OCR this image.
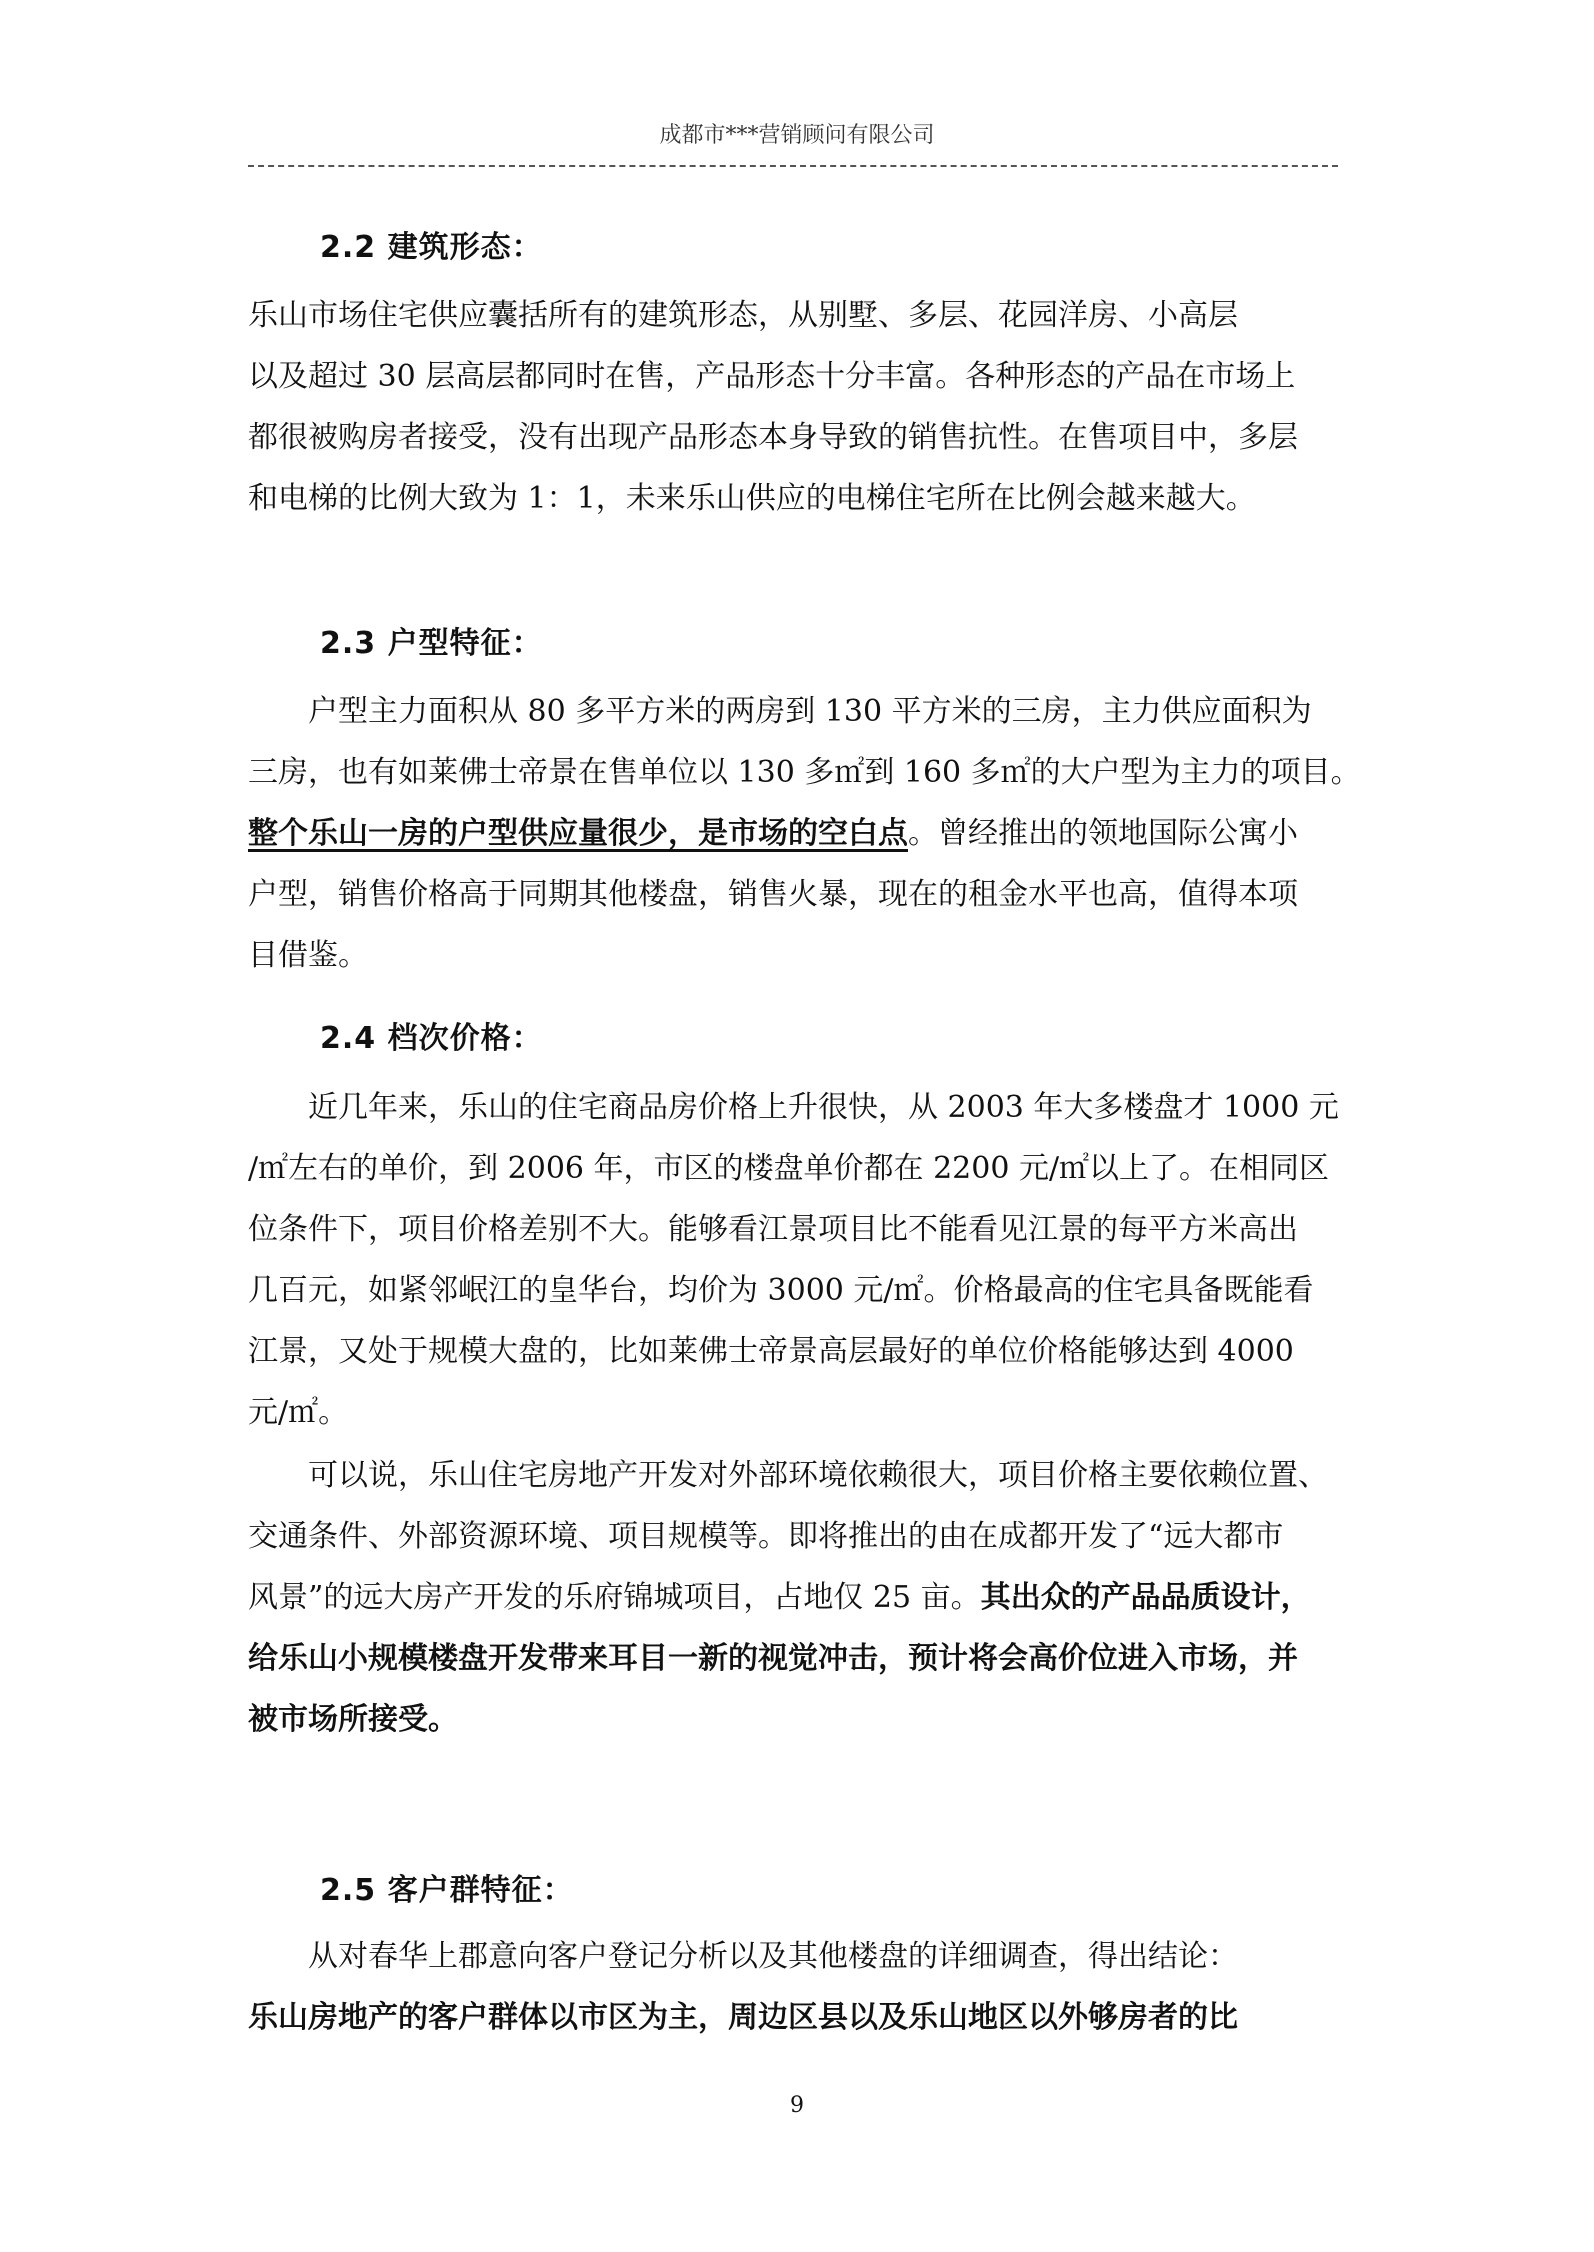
成都市***营销顾问有限公司
2.2 建筑形态：
乐山市场住宅供应囊括所有的建筑形态，从别墅、多层、花园洋房、小高层
以及超过 30 层高层都同时在售，产品形态十分丰富。各种形态的产品在市场上
都很被购房者接受，没有出现产品形态本身导致的销售抗性。在售项目中，多层
和电梯的比例大致为 1：1，未来乐山供应的电梯住宅所在比例会越来越大。
2.3 户型特征：
户型主力面积从 80 多平方米的两房到 130 平方米的三房，主力供应面积为
三房，也有如莱佛士帝景在售单位以 130 多㎡到 160 多㎡的大户型为主力的项目。
整个乐山一房的户型供应量很少，是市场的空白点。曾经推出的领地国际公寓小
户型，销售价格高于同期其他楼盘，销售火暴，现在的租金水平也高，值得本项
目借鉴。
2.4 档次价格：
近几年来，乐山的住宅商品房价格上升很快，从 2003 年大多楼盘才 1000 元
/㎡左右的单价，到 2006 年，市区的楼盘单价都在 2200 元/㎡以上了。在相同区
位条件下，项目价格差别不大。能够看江景项目比不能看见江景的每平方米高出
几百元，如紧邻岷江的皇华台，均价为 3000 元/㎡。价格最高的住宅具备既能看
江景，又处于规模大盘的，比如莱佛士帝景高层最好的单位价格能够达到 4000
元/㎡。
可以说，乐山住宅房地产开发对外部环境依赖很大，项目价格主要依赖位置、
交通条件、外部资源环境、项目规模等。即将推出的由在成都开发了“远大都市
风景”的远大房产开发的乐府锦城项目，占地仅 25 亩。其出众的产品品质设计，
给乐山小规模楼盘开发带来耳目一新的视觉冲击，预计将会高价位进入市场，并
被市场所接受。
2.5 客户群特征：
从对春华上郡意向客户登记分析以及其他楼盘的详细调查，得出结论：
乐山房地产的客户群体以市区为主，周边区县以及乐山地区以外够房者的比
9
